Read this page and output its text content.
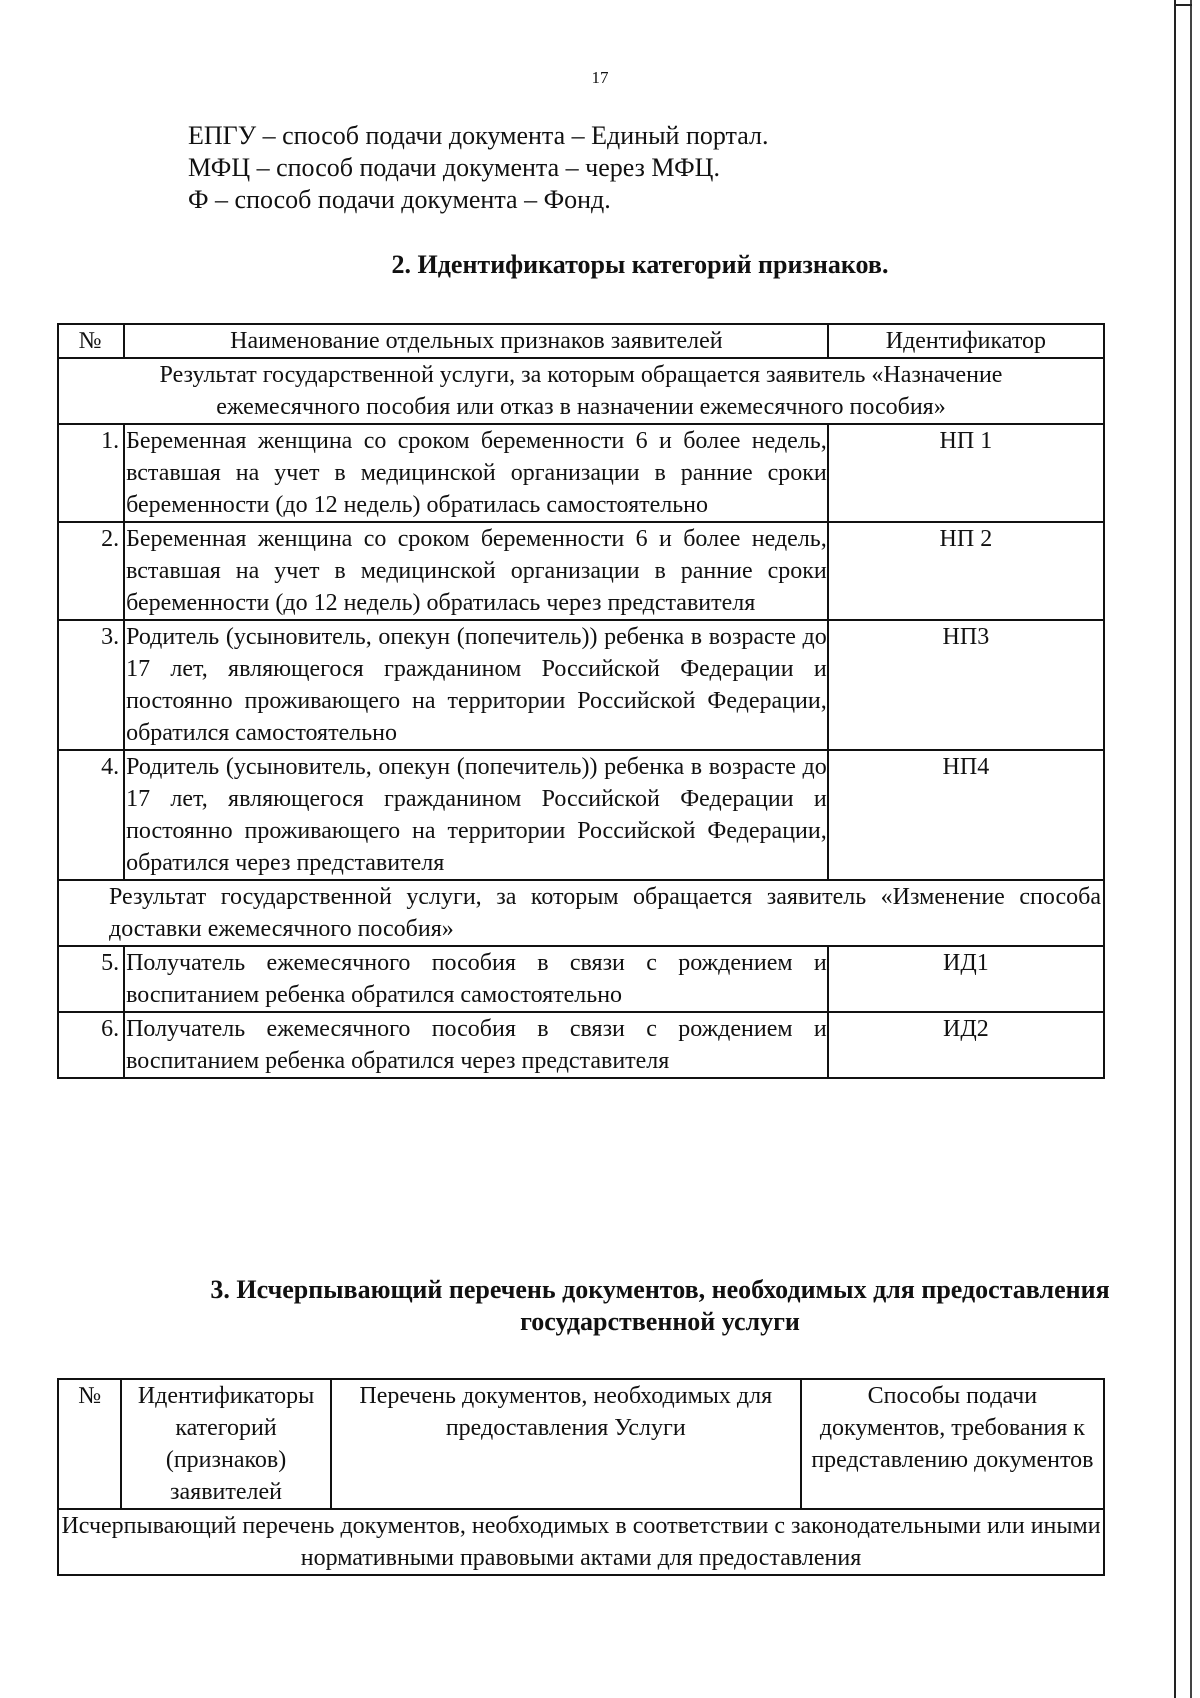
17
ЕПГУ – способ подачи документа – Единый портал.
МФЦ – способ подачи документа – через МФЦ.
Ф – способ подачи документа – Фонд.
2. Идентификаторы категорий признаков.
№	Наименование отдельных признаков заявителей	Идентификатор
Результат государственной услуги, за которым обращается заявитель «Назначение ежемесячного пособия или отказ в назначении ежемесячного пособия»		
1.	Беременная женщина со сроком беременности 6 и более недель, вставшая на учет в медицинской организации в ранние сроки беременности (до 12 недель) обратилась самостоятельно	НП 1
2.	Беременная женщина со сроком беременности 6 и более недель, вставшая на учет в медицинской организации в ранние сроки беременности (до 12 недель) обратилась через представителя	НП 2
3.	Родитель (усыновитель, опекун (попечитель)) ребенка в возрасте до 17 лет, являющегося гражданином Российской Федерации и постоянно проживающего на территории Российской Федерации, обратился самостоятельно	НП3
4.	Родитель (усыновитель, опекун (попечитель)) ребенка в возрасте до 17 лет, являющегося гражданином Российской Федерации и постоянно проживающего на территории Российской Федерации, обратился через представителя	НП4
Результат государственной услуги, за которым обращается заявитель «Изменение способа доставки ежемесячного пособия»		
5.	Получатель ежемесячного пособия в связи с рождением и воспитанием ребенка обратился самостоятельно	ИД1
6.	Получатель ежемесячного пособия в связи с рождением и воспитанием ребенка обратился через представителя	ИД2
3. Исчерпывающий перечень документов, необходимых для предоставления
государственной услуги
№	Идентификаторы категорий (признаков) заявителей	Перечень документов, необходимых для предоставления Услуги	Способы подачи документов, требования к представлению документов
Исчерпывающий перечень документов, необходимых в соответствии с законодательными или иными нормативными правовыми актами для предоставления
